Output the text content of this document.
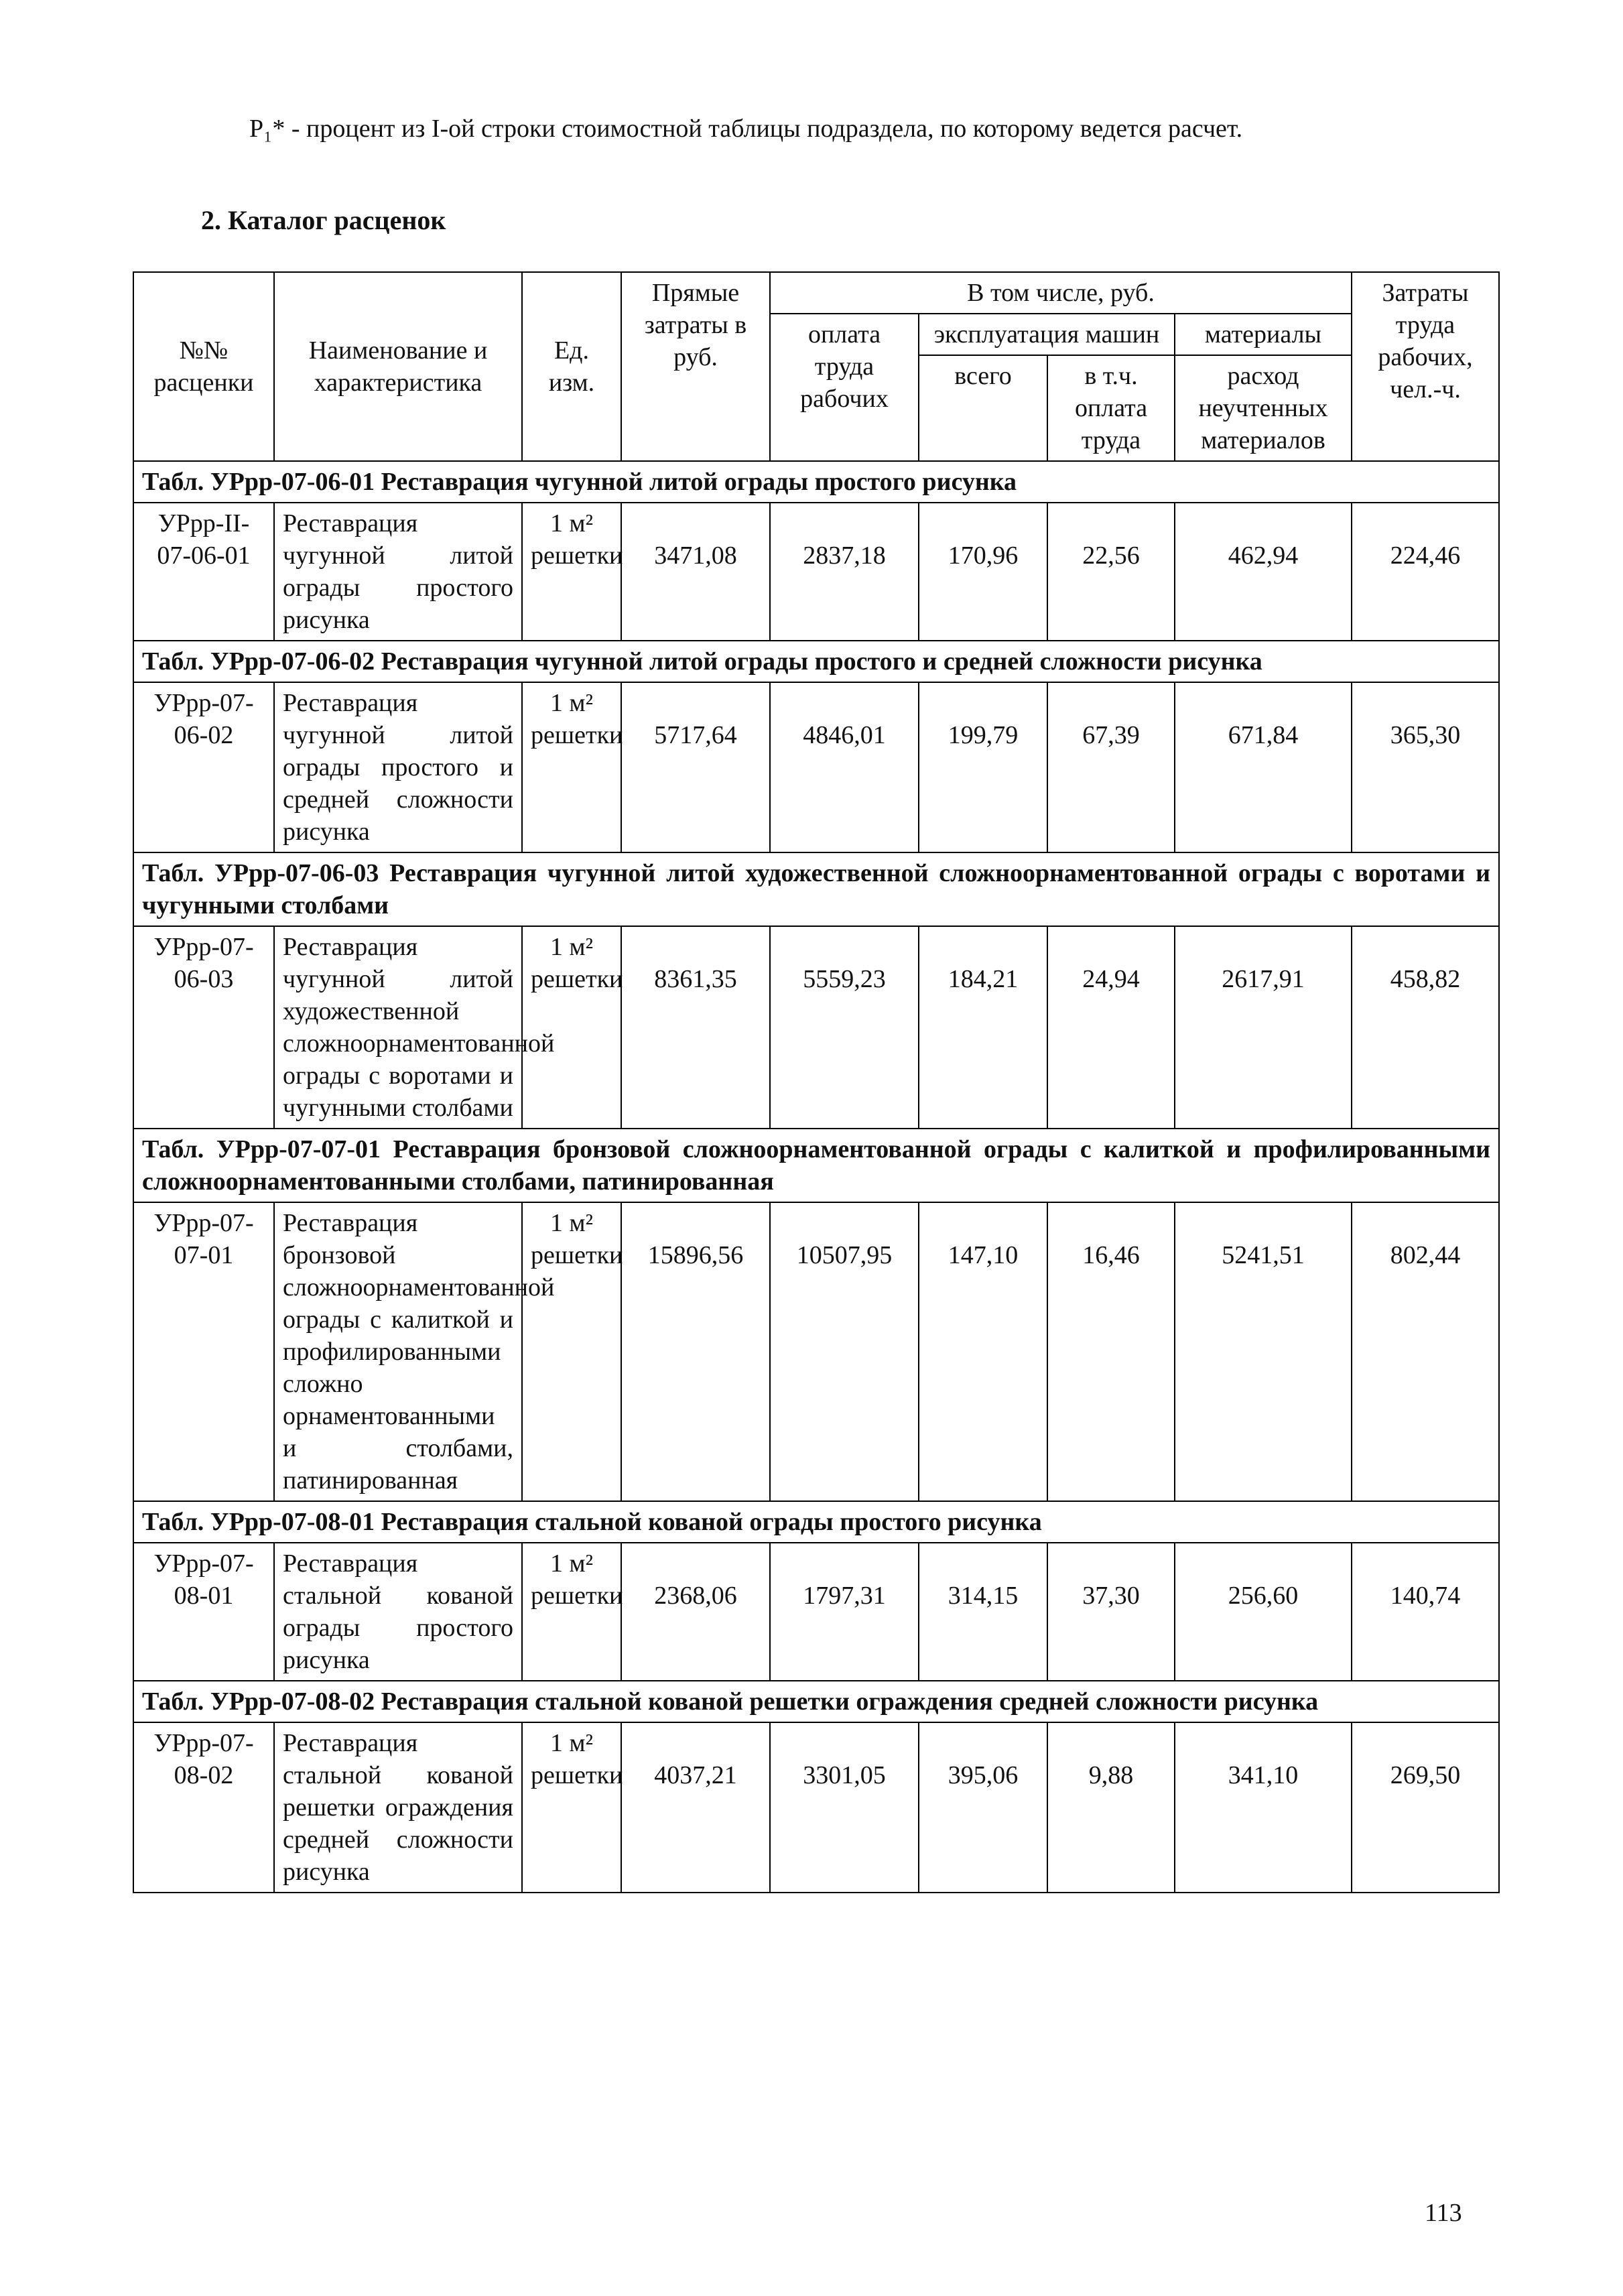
Р₁* - процент из I-ой строки стоимостной таблицы подраздела, по которому ведется расчет.
2. Каталог расценок
№№ расценки	Наименование и характеристика	Ед. изм.	Прямые затраты в руб.	В том числе, руб.				Затраты труда рабочих, чел.-ч.
				оплата труда рабочих	эксплуатация машин		материалы	
					всего	в т.ч. оплата труда	расход неучтенных материалов	
Табл. УРрр-07-06-01 Реставрация чугунной литой ограды простого рисунка								
УРрр-II-07-06-01	Реставрация чугунной литой ограды простого рисунка	1 м² решетки	3471,08	2837,18	170,96	22,56	462,94	224,46
Табл. УРрр-07-06-02 Реставрация чугунной литой ограды простого и средней сложности рисунка								
УРрр-07-06-02	Реставрация чугунной литой ограды простого и средней сложности рисунка	1 м² решетки	5717,64	4846,01	199,79	67,39	671,84	365,30
Табл. УРрр-07-06-03 Реставрация чугунной литой художественной сложноорнаментованной ограды с воротами и чугунными столбами								
УРрр-07-06-03	Реставрация чугунной литой художественной сложноорнаментованной ограды с воротами и чугунными столбами	1 м² решетки	8361,35	5559,23	184,21	24,94	2617,91	458,82
Табл. УРрр-07-07-01 Реставрация бронзовой сложноорнаментованной ограды с калиткой и профилированными сложноорнаментованными столбами, патинированная								
УРрр-07-07-01	Реставрация бронзовой сложноорнаментованной ограды с калиткой и профилированными сложно орнаментованными и столбами, патинированная	1 м² решетки	15896,56	10507,95	147,10	16,46	5241,51	802,44
Табл. УРрр-07-08-01 Реставрация стальной кованой ограды простого рисунка								
УРрр-07-08-01	Реставрация стальной кованой ограды простого рисунка	1 м² решетки	2368,06	1797,31	314,15	37,30	256,60	140,74
Табл. УРрр-07-08-02 Реставрация стальной кованой решетки ограждения средней сложности рисунка								
УРрр-07-08-02	Реставрация стальной кованой решетки ограждения средней сложности рисунка	1 м² решетки	4037,21	3301,05	395,06	9,88	341,10	269,50
113
